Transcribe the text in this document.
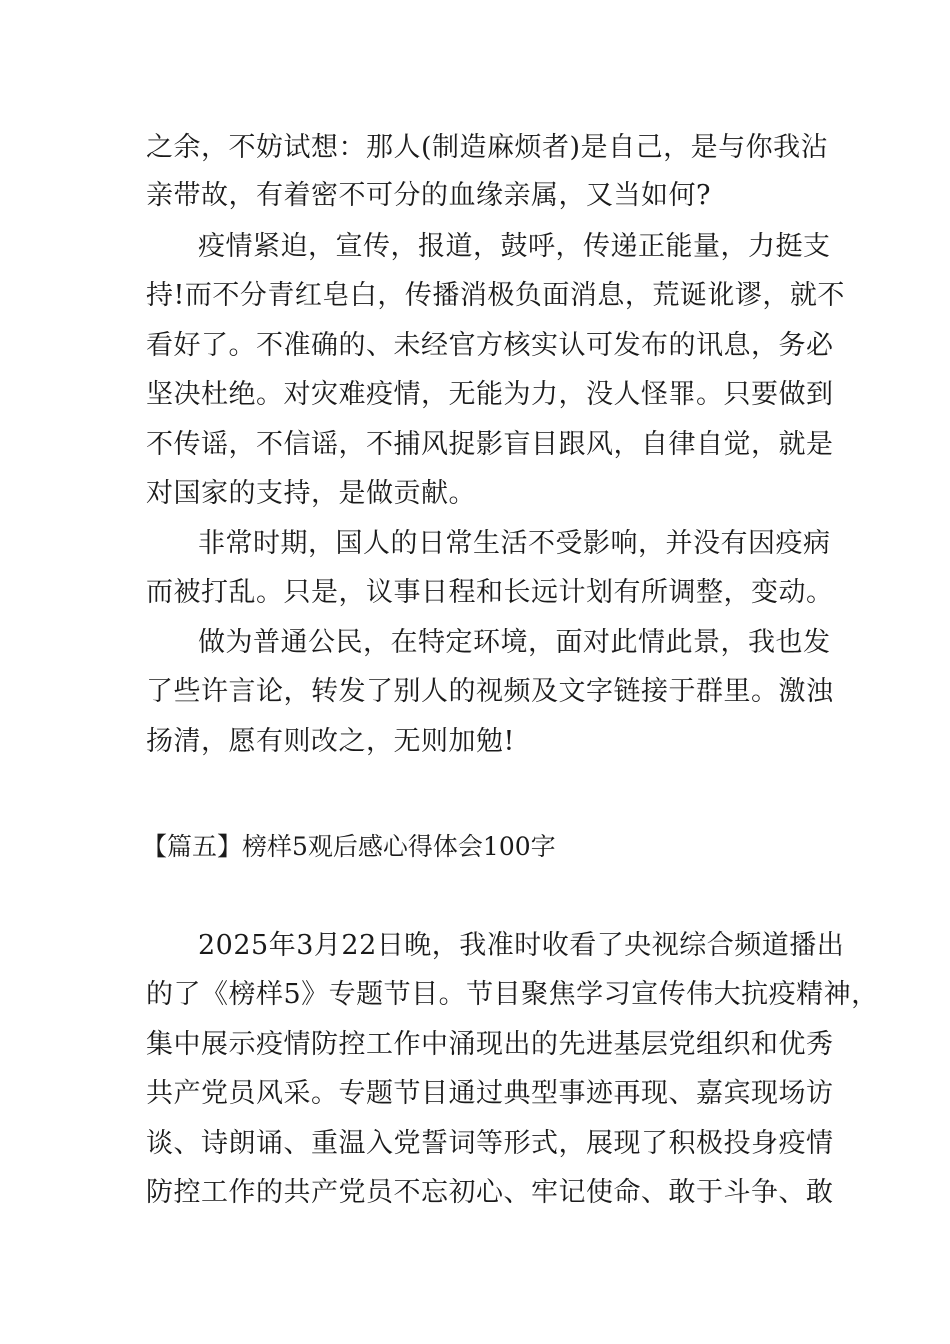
之余，不妨试想：那人(制造麻烦者)是自己，是与你我沾
亲带故，有着密不可分的血缘亲属，又当如何?
疫情紧迫，宣传，报道，鼓呼，传递正能量，力挺支
持!而不分青红皂白，传播消极负面消息，荒诞讹谬，就不
看好了。不准确的、未经官方核实认可发布的讯息，务必
坚决杜绝。对灾难疫情，无能为力，没人怪罪。只要做到
不传谣，不信谣，不捕风捉影盲目跟风，自律自觉，就是
对国家的支持，是做贡献。
非常时期，国人的日常生活不受影响，并没有因疫病
而被打乱。只是，议事日程和长远计划有所调整，变动。
做为普通公民，在特定环境，面对此情此景，我也发
了些许言论，转发了别人的视频及文字链接于群里。激浊
扬清，愿有则改之，无则加勉!
【篇五】榜样5观后感心得体会100字
2025年3月22日晚，我准时收看了央视综合频道播出
的了《榜样5》专题节目。节目聚焦学习宣传伟大抗疫精神，
集中展示疫情防控工作中涌现出的先进基层党组织和优秀
共产党员风采。专题节目通过典型事迹再现、嘉宾现场访
谈、诗朗诵、重温入党誓词等形式，展现了积极投身疫情
防控工作的共产党员不忘初心、牢记使命、敢于斗争、敢
